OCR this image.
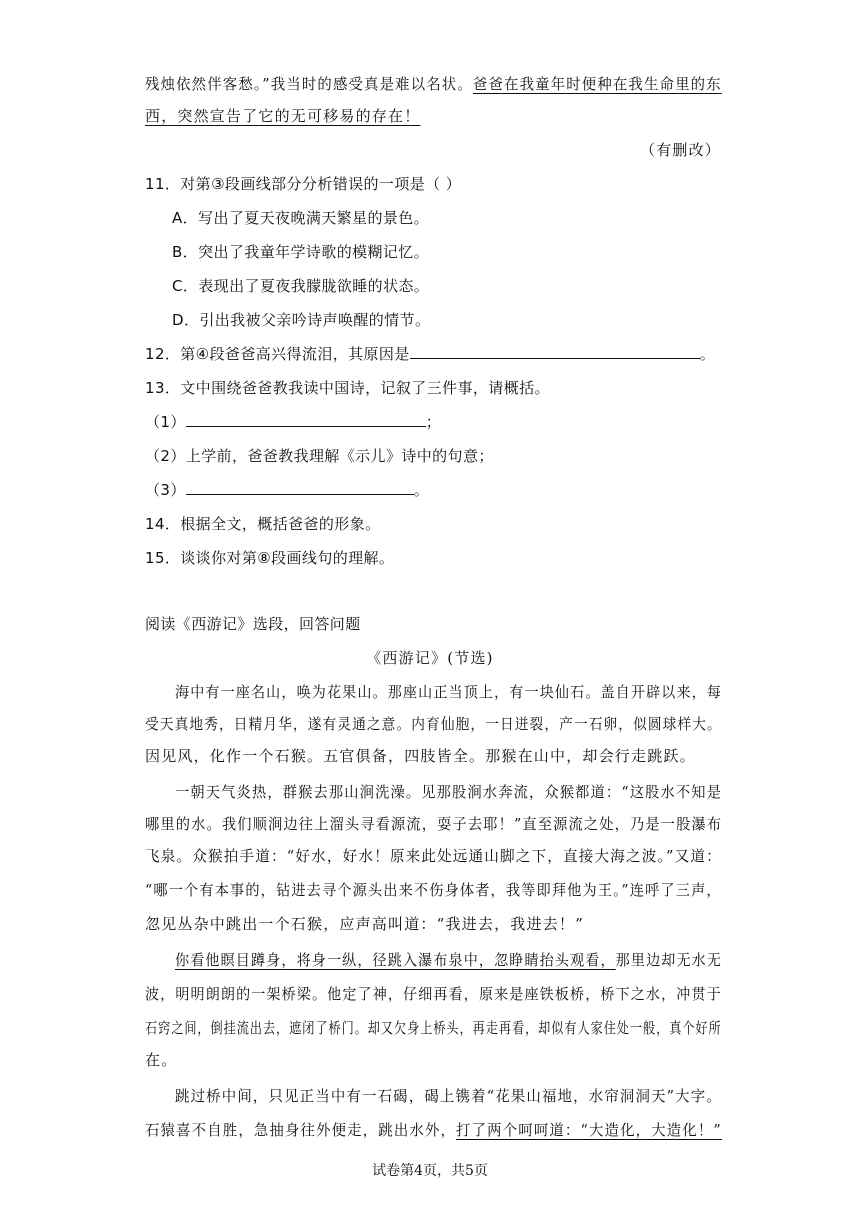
残烛依然伴客愁。”我当时的感受真是难以名状。爸爸在我童年时便种在我生命里的东
西，突然宣告了它的无可移易的存在！
（有删改）
11．对第③段画线部分分析错误的一项是（ ）
A．写出了夏天夜晚满天繁星的景色。
B．突出了我童年学诗歌的模糊记忆。
C．表现出了夏夜我朦胧欲睡的状态。
D．引出我被父亲吟诗声唤醒的情节。
12．第④段爸爸高兴得流泪，其原因是	。
13．文中围绕爸爸教我读中国诗，记叙了三件事，请概括。
（1）	；
（2）上学前，爸爸教我理解《示儿》诗中的句意；
（3）	。
14．根据全文，概括爸爸的形象。
15．谈谈你对第⑧段画线句的理解。
阅读《西游记》选段，回答问题
《西游记》(节选)
海中有一座名山，唤为花果山。那座山正当顶上，有一块仙石。盖自开辟以来，每
受天真地秀，日精月华，遂有灵通之意。内育仙胞，一日迸裂，产一石卵，似圆球样大。
因见风，化作一个石猴。五官俱备，四肢皆全。那猴在山中，却会行走跳跃。
一朝天气炎热，群猴去那山涧洗澡。见那股涧水奔流，众猴都道：“这股水不知是
哪里的水。我们顺涧边往上溜头寻看源流，耍子去耶！”直至源流之处，乃是一股瀑布
飞泉。众猴拍手道：“好水，好水！原来此处远通山脚之下，直接大海之波。”又道：
“哪一个有本事的，钻进去寻个源头出来不伤身体者，我等即拜他为王。”连呼了三声，
忽见丛杂中跳出一个石猴，应声高叫道：“我进去，我进去！”
你看他瞑目蹲身，将身一纵，径跳入瀑布泉中，忽睁睛抬头观看，那里边却无水无
波，明明朗朗的一架桥梁。他定了神，仔细再看，原来是座铁板桥，桥下之水，冲贯于
石窍之间，倒挂流出去，遮闭了桥门。却又欠身上桥头，再走再看，却似有人家住处一般，真个好所
在。
跳过桥中间，只见正当中有一石碣，碣上镌着“花果山福地，水帘洞洞天”大字。
石猿喜不自胜，急抽身往外便走，跳出水外，打了两个呵呵道：“大造化，大造化！”
试卷第4页，共5页
